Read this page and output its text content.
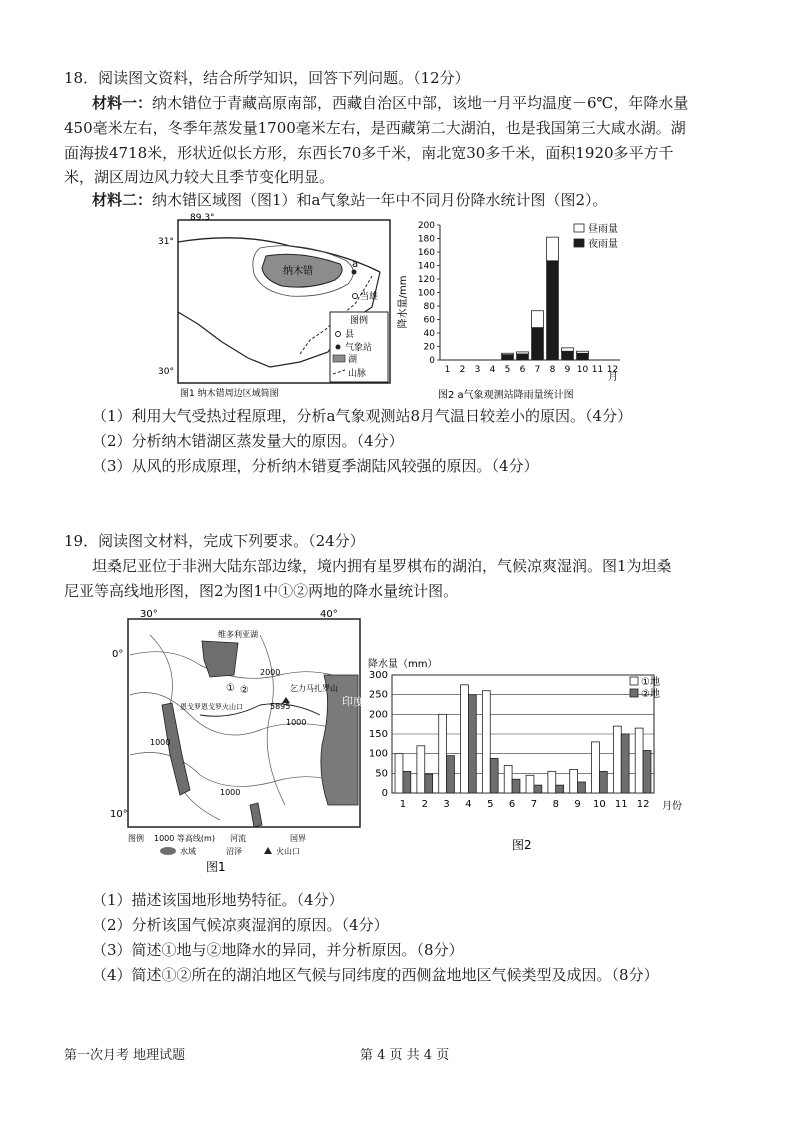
18．阅读图文资料，结合所学知识，回答下列问题。（12分）
材料一：纳木错位于青藏高原南部，西藏自治区中部，该地一月平均温度－6℃，年降水量
450毫米左右，冬季年蒸发量1700毫米左右，是西藏第二大湖泊，也是我国第三大咸水湖。湖
面海拔4718米，形状近似长方形，东西长70多千米，南北宽30多千米，面积1920多平方千
米，湖区周边风力较大且季节变化明显。
材料二：纳木错区域图（图1）和a气象站一年中不同月份降水统计图（图2）。
纳木错
a
当雄
89.3°
31°
30°
图例
县
气象站
湖
山脉
图1 纳木错周边区域简图
0
20
40
60
80
100
120
140
160
180
200
1 2 3 4 5 6 7 8 9 10 11 12
降水量/mm
昼雨量
夜雨量
月
图2 a气象观测站降雨量统计图
（1）利用大气受热过程原理，分析a气象观测站8月气温日较差小的原因。（4分）
（2）分析纳木错湖区蒸发量大的原因。（4分）
（3）从风的形成原理，分析纳木错夏季湖陆风较强的原因。（4分）
19．阅读图文材料，完成下列要求。（24分）
坦桑尼亚位于非洲大陆东部边缘，境内拥有星罗棋布的湖泊，气候凉爽湿润。图1为坦桑
尼亚等高线地形图，图2为图1中①②两地的降水量统计图。
印度洋
30°	40°
0°
10°
维多利亚湖
① ②	乞力马扎罗山
5895
恩戈罗恩戈罗火山口
2000
1000
1000
1000
图例 1000 等高线(m) 河流	国界
水域	沼泽	火山口
图1
0
50
100
150
200
250
300
1 2 3 4 5 6 7 8 9 10 11 12
降水量（mm）
①地
②地
月份
图2
（1）描述该国地形地势特征。（4分）
（2）分析该国气候凉爽湿润的原因。（4分）
（3）简述①地与②地降水的异同，并分析原因。（8分）
（4）简述①②所在的湖泊地区气候与同纬度的西侧盆地地区气候类型及成因。（8分）
第一次月考 地理试题	第 4 页 共 4 页
